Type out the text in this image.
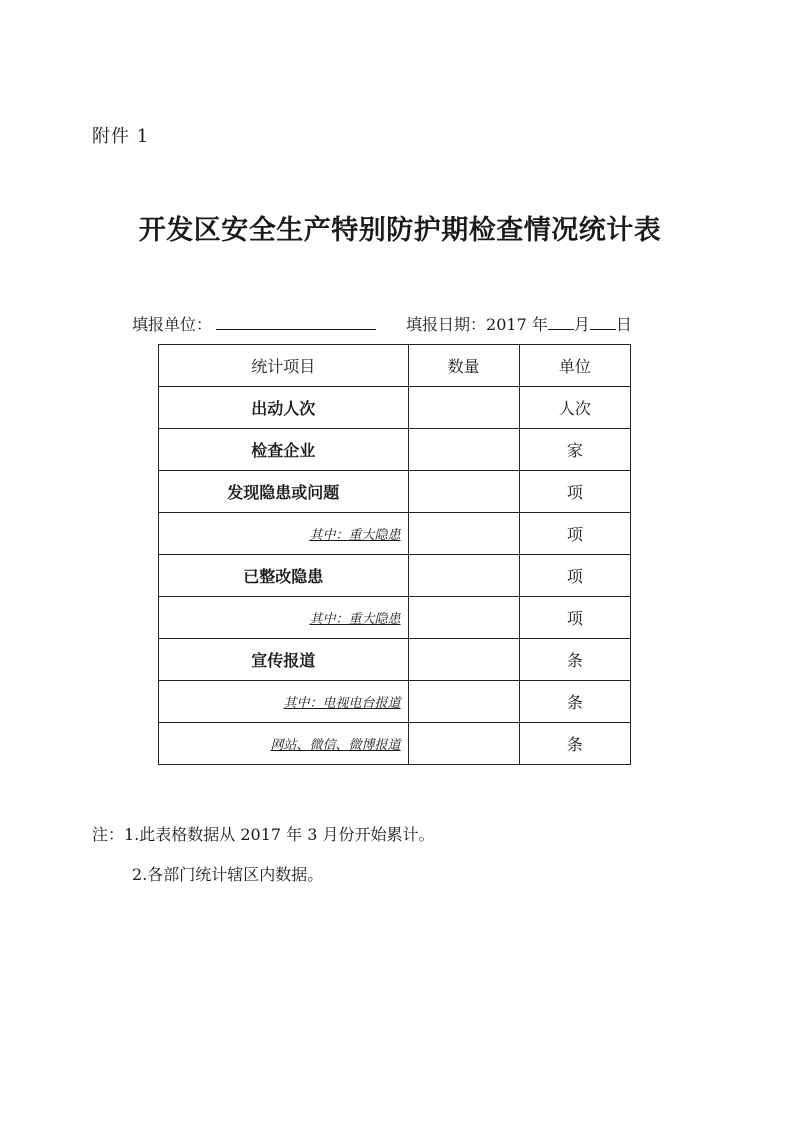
附件 1
开发区安全生产特别防护期检查情况统计表
填报单位：	填报日期：2017 年 月 日
统计项目	数量	单位
出动人次		人次
检查企业		家
发现隐患或问题		项
其中：重大隐患		项
已整改隐患		项
其中：重大隐患		项
宣传报道		条
其中：电视电台报道		条
网站、微信、微博报道		条
注：1.此表格数据从 2017 年 3 月份开始累计。
2.各部门统计辖区内数据。
